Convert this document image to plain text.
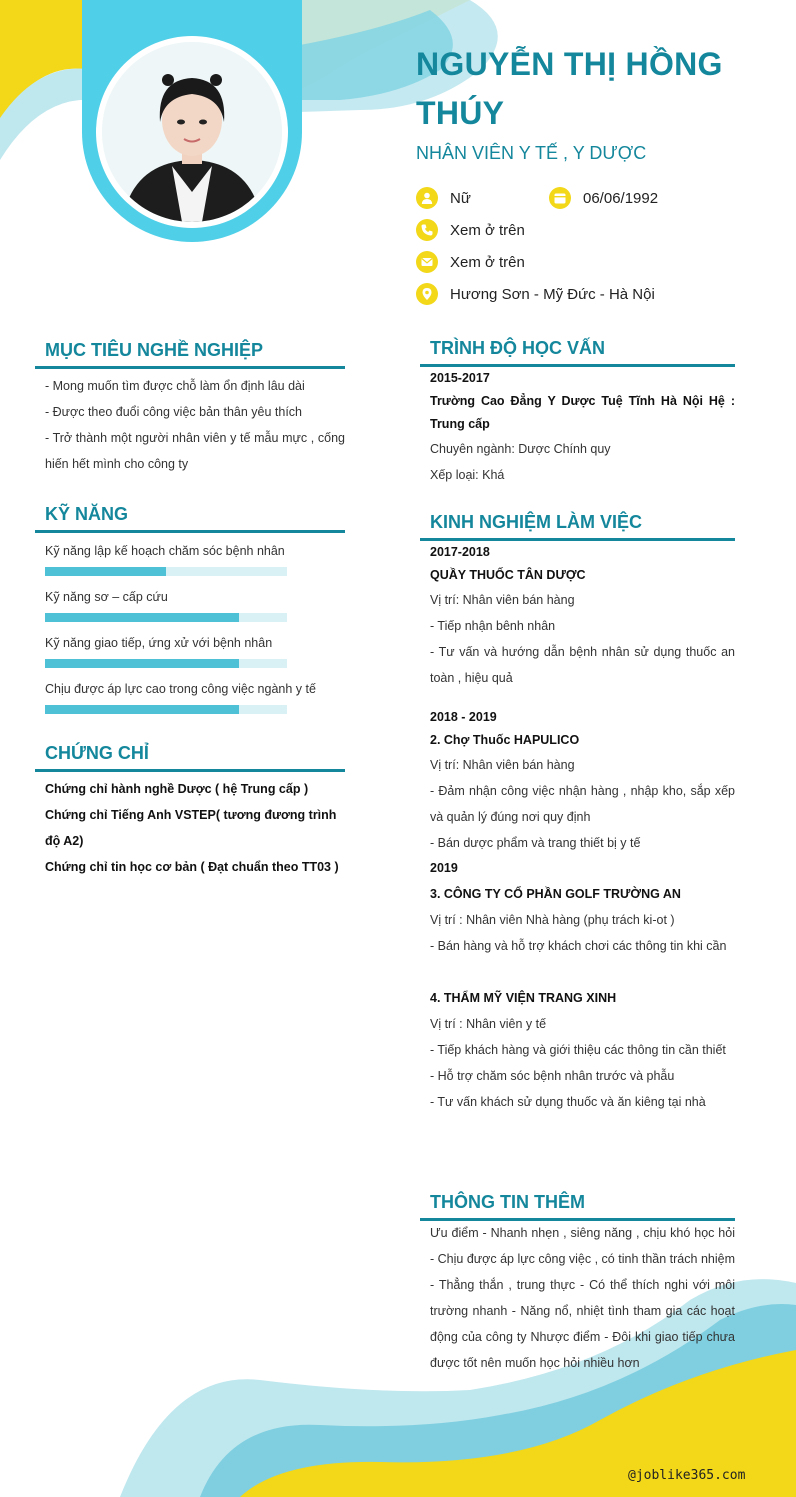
NGUYỄN THỊ HỒNG THÚY
NHÂN VIÊN Y TẾ , Y DƯỢC
Nữ	06/06/1992
Xem ở trên
Xem ở trên
Hương Sơn - Mỹ Đức - Hà Nội
MỤC TIÊU NGHỀ NGHIỆP
- Mong muốn tìm được chỗ làm ổn định lâu dài
- Được theo đuổi công việc bản thân yêu thích
- Trở thành một người nhân viên y tế mẫu mực , cống hiến hết mình cho công ty
KỸ NĂNG
Kỹ năng lập kế hoạch chăm sóc bệnh nhân
Kỹ năng sơ – cấp cứu
Kỹ năng giao tiếp, ứng xử với bệnh nhân
Chịu được áp lực cao trong công việc ngành y tế
CHỨNG CHỈ
Chứng chỉ hành nghề Dược ( hệ Trung cấp )
Chứng chỉ Tiếng Anh VSTEP( tương đương trình độ A2)
Chứng chỉ tin học cơ bản ( Đạt chuẩn theo TT03 )
TRÌNH ĐỘ HỌC VẤN
2015-2017
Trường Cao Đẳng Y Dược Tuệ Tĩnh Hà Nội Hệ : Trung cấp
Chuyên ngành: Dược Chính quy
Xếp loại: Khá
KINH NGHIỆM LÀM VIỆC
2017-2018
QUẦY THUỐC TÂN DƯỢC
Vị trí: Nhân viên bán hàng
- Tiếp nhận bênh nhân
- Tư vấn và hướng dẫn bệnh nhân sử dụng thuốc an toàn , hiệu quả
2018 - 2019
2. Chợ Thuốc HAPULICO
Vị trí: Nhân viên bán hàng
- Đảm nhận công việc nhận hàng , nhập kho, sắp xếp và quản lý đúng nơi quy định
- Bán dược phẩm và trang thiết bị y tế
2019
3. CÔNG TY CỔ PHẦN GOLF TRƯỜNG AN
Vị trí : Nhân viên Nhà hàng (phụ trách ki-ot )
- Bán hàng và hỗ trợ khách chơi các thông tin khi cần
4. THẨM MỸ VIỆN TRANG XINH
Vị trí : Nhân viên y tế
- Tiếp khách hàng và giới thiệu các thông tin cần thiết
- Hỗ trợ chăm sóc bệnh nhân trước và phẫu
- Tư vấn khách sử dụng thuốc và ăn kiêng tại nhà
THÔNG TIN THÊM
Ưu điểm - Nhanh nhẹn , siêng năng , chịu khó học hỏi - Chịu được áp lực công việc , có tinh thần trách nhiệm - Thẳng thắn , trung thực - Có thể thích nghi với môi trường nhanh - Năng nổ, nhiệt tình tham gia các hoạt động của công ty Nhược điểm - Đôi khi giao tiếp chưa được tốt nên muốn học hỏi nhiều hơn
@joblike365.com
